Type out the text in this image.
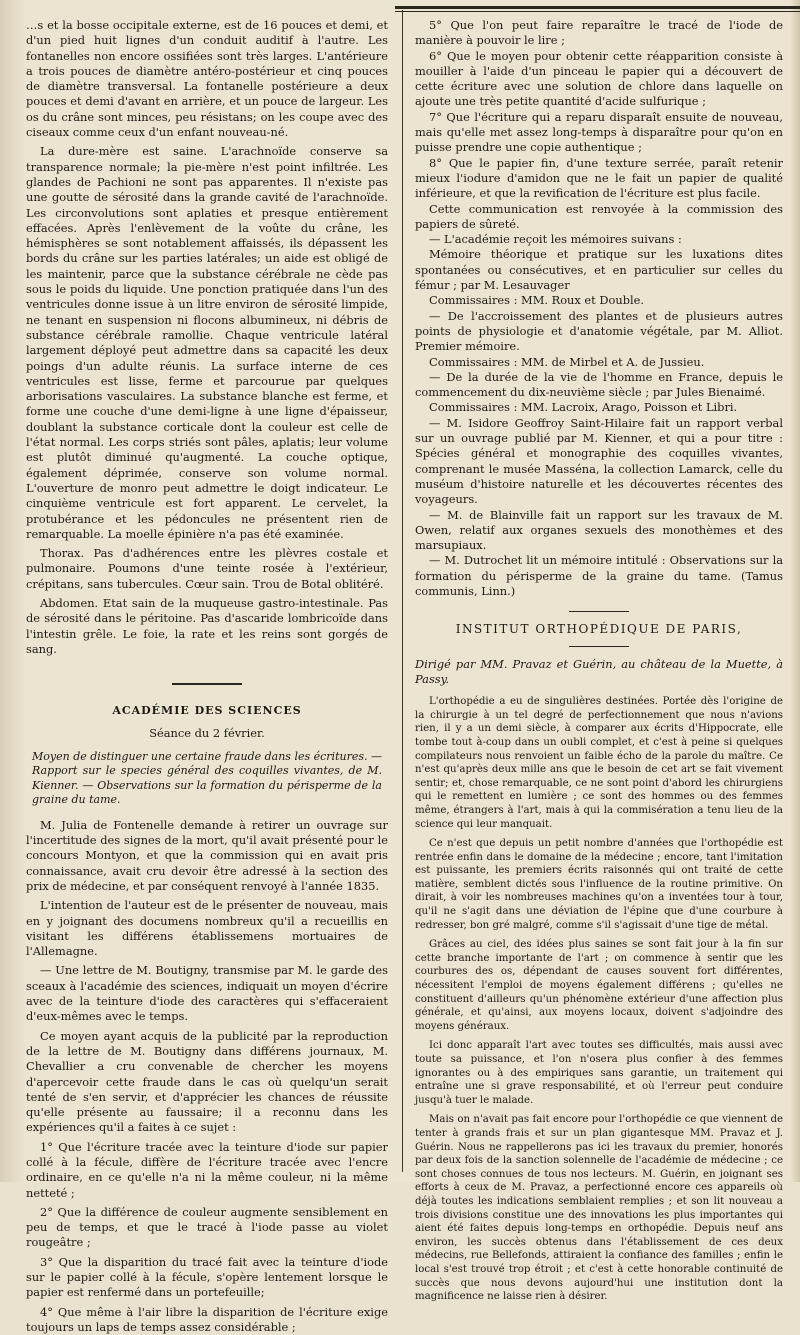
…s et la bosse occipitale externe, est de 16 pouces et demi, et d'un pied huit lignes d'un conduit auditif à l'autre. Les fontanelles non encore ossifiées sont très larges. L'antérieure a trois pouces de diamètre antéro-postérieur et cinq pouces de diamètre transversal. La fontanelle postérieure a deux pouces et demi d'avant en arrière, et un pouce de largeur. Les os du crâne sont minces, peu résistans; on les coupe avec des ciseaux comme ceux d'un enfant nouveau-né.

La dure-mère est saine. L'arachnoïde conserve sa transparence normale; la pie-mère n'est point infiltrée. Les glandes de Pachioni ne sont pas apparentes. Il n'existe pas une goutte de sérosité dans la grande cavité de l'arachnoïde. Les circonvolutions sont aplaties et presque entièrement effacées. Après l'enlèvement de la voûte du crâne, les hémisphères se sont notablement affaissés, ils dépassent les bords du crâne sur les parties latérales; un aide est obligé de les maintenir, parce que la substance cérébrale ne cède pas sous le poids du liquide. Une ponction pratiquée dans l'un des ventricules donne issue à un litre environ de sérosité limpide, ne tenant en suspension ni flocons albumineux, ni débris de substance cérébrale ramollie. Chaque ventricule latéral largement déployé peut admettre dans sa capacité les deux poings d'un adulte réunis. La surface interne de ces ventricules est lisse, ferme et parcourue par quelques arborisations vasculaires. La substance blanche est ferme, et forme une couche d'une demi-ligne à une ligne d'épaisseur, doublant la substance corticale dont la couleur est celle de l'état normal. Les corps striés sont pâles, aplatis; leur volume est plutôt diminué qu'augmenté. La couche optique, également déprimée, conserve son volume normal. L'ouverture de monro peut admettre le doigt indicateur. Le cinquième ventricule est fort apparent. Le cervelet, la protubérance et les pédoncules ne présentent rien de remarquable. La moelle épinière n'a pas été examinée.

Thorax. Pas d'adhérences entre les plèvres costale et pulmonaire. Poumons d'une teinte rosée à l'extérieur, crépitans, sans tubercules. Cœur sain. Trou de Botal oblitéré.

Abdomen. Etat sain de la muqueuse gastro-intestinale. Pas de sérosité dans le péritoine. Pas d'ascaride lombricoïde dans l'intestin grêle. Le foie, la rate et les reins sont gorgés de sang.

ACADÉMIE DES SCIENCES
Séance du 2 février.

Moyen de distinguer une certaine fraude dans les écritures. — Rapport sur le species général des coquilles vivantes, de M. Kienner. — Observations sur la formation du périsperme de la graine du tame.

M. Julia de Fontenelle demande à retirer un ouvrage sur l'incertitude des signes de la mort, qu'il avait présenté pour le concours Montyon, et que la commission qui en avait pris connaissance, avait cru devoir être adressé à la section des prix de médecine, et par conséquent renvoyé à l'année 1835.

L'intention de l'auteur est de le présenter de nouveau, mais en y joignant des documens nombreux qu'il a recueillis en visitant les différens établissemens mortuaires de l'Allemagne.

— Une lettre de M. Boutigny, transmise par M. le garde des sceaux à l'académie des sciences, indiquait un moyen d'écrire avec de la teinture d'iode des caractères qui s'effaceraient d'eux-mêmes avec le temps.

Ce moyen ayant acquis de la publicité par la reproduction de la lettre de M. Boutigny dans différens journaux, M. Chevallier a cru convenable de chercher les moyens d'apercevoir cette fraude dans le cas où quelqu'un serait tenté de s'en servir, et d'apprécier les chances de réussite qu'elle présente au faussaire; il a reconnu dans les expériences qu'il a faites à ce sujet :

1° Que l'écriture tracée avec la teinture d'iode sur papier collé à la fécule, diffère de l'écriture tracée avec l'encre ordinaire, en ce qu'elle n'a ni la même couleur, ni la même netteté ;

2° Que la différence de couleur augmente sensiblement en peu de temps, et que le tracé à l'iode passe au violet rougeâtre ;

3° Que la disparition du tracé fait avec la teinture d'iode sur le papier collé à la fécule, s'opère lentement lorsque le papier est renfermé dans un portefeuille;

4° Que même à l'air libre la disparition de l'écriture exige toujours un laps de temps assez considérable ;

5° Que l'on peut faire reparaître le tracé de l'iode de manière à pouvoir le lire ;

6° Que le moyen pour obtenir cette réapparition consiste à mouiller à l'aide d'un pinceau le papier qui a découvert de cette écriture avec une solution de chlore dans laquelle on ajoute une très petite quantité d'acide sulfurique ;

7° Que l'écriture qui a reparu disparaît ensuite de nouveau, mais qu'elle met assez long-temps à disparaître pour qu'on en puisse prendre une copie authentique ;

8° Que le papier fin, d'une texture serrée, paraît retenir mieux l'iodure d'amidon que ne le fait un papier de qualité inférieure, et que la revification de l'écriture est plus facile.

Cette communication est renvoyée à la commission des papiers de sûreté.

— L'académie reçoit les mémoires suivans :

Mémoire théorique et pratique sur les luxations dites spontanées ou consécutives, et en particulier sur celles du fémur ; par M. Lesauvager

Commissaires : MM. Roux et Double.

— De l'accroissement des plantes et de plusieurs autres points de physiologie et d'anatomie végétale, par M. Alliot. Premier mémoire.

Commissaires : MM. de Mirbel et A. de Jussieu.

— De la durée de la vie de l'homme en France, depuis le commencement du dix-neuvième siècle ; par Jules Bienaimé.

Commissaires : MM. Lacroix, Arago, Poisson et Libri.

— M. Isidore Geoffroy Saint-Hilaire fait un rapport verbal sur un ouvrage publié par M. Kienner, et qui a pour titre : Spécies général et monographie des coquilles vivantes, comprenant le musée Masséna, la collection Lamarck, celle du muséum d'histoire naturelle et les découvertes récentes des voyageurs.

— M. de Blainville fait un rapport sur les travaux de M. Owen, relatif aux organes sexuels des monothèmes et des marsupiaux.

— M. Dutrochet lit un mémoire intitulé : Observations sur la formation du périsperme de la graine du tame. (Tamus communis, Linn.)

INSTITUT ORTHOPÉDIQUE DE PARIS,

Dirigé par MM. Pravaz et Guérin, au château de la Muette, à Passy.

L'orthopédie a eu de singulières destinées. Portée dès l'origine de la chirurgie à un tel degré de perfectionnement que nous n'avions rien, il y a un demi siècle, à comparer aux écrits d'Hippocrate, elle tombe tout à-coup dans un oubli complet, et c'est à peine si quelques compilateurs nous renvoient un faible écho de la parole du maître. Ce n'est qu'après deux mille ans que le besoin de cet art se fait vivement sentir; et, chose remarquable, ce ne sont point d'abord les chirurgiens qui le remettent en lumière ; ce sont des hommes ou des femmes même, étrangers à l'art, mais à qui la commisération a tenu lieu de la science qui leur manquait.

Ce n'est que depuis un petit nombre d'années que l'orthopédie est rentrée enfin dans le domaine de la médecine ; encore, tant l'imitation est puissante, les premiers écrits raisonnés qui ont traité de cette matière, semblent dictés sous l'influence de la routine primitive. On dirait, à voir les nombreuses machines qu'on a inventées tour à tour, qu'il ne s'agit dans une déviation de l'épine que d'une courbure à redresser, bon gré malgré, comme s'il s'agissait d'une tige de métal.

Grâces au ciel, des idées plus saines se sont fait jour à la fin sur cette branche importante de l'art ; on commence à sentir que les courbures des os, dépendant de causes souvent fort différentes, nécessitent l'emploi de moyens également différens ; qu'elles ne constituent d'ailleurs qu'un phénomène extérieur d'une affection plus générale, et qu'ainsi, aux moyens locaux, doivent s'adjoindre des moyens généraux.

Ici donc apparaît l'art avec toutes ses difficultés, mais aussi avec toute sa puissance, et l'on n'osera plus confier à des femmes ignorantes ou à des empiriques sans garantie, un traitement qui entraîne une si grave responsabilité, et où l'erreur peut conduire jusqu'à tuer le malade.

Mais on n'avait pas fait encore pour l'orthopédie ce que viennent de tenter à grands frais et sur un plan gigantesque MM. Pravaz et J. Guérin. Nous ne rappellerons pas ici les travaux du premier, honorés par deux fois de la sanction solennelle de l'académie de médecine ; ce sont choses connues de tous nos lecteurs. M. Guérin, en joignant ses efforts à ceux de M. Pravaz, a perfectionné encore ces appareils où déjà toutes les indications semblaient remplies ; et son lit nouveau a trois divisions constitue une des innovations les plus importantes qui aient été faites depuis long-temps en orthopédie. Depuis neuf ans environ, les succès obtenus dans l'établissement de ces deux médecins, rue Bellefonds, attiraient la confiance des familles ; enfin le local s'est trouvé trop étroit ; et c'est à cette honorable continuité de succès que nous devons aujourd'hui une institution dont la magnificence ne laisse rien à désirer.
